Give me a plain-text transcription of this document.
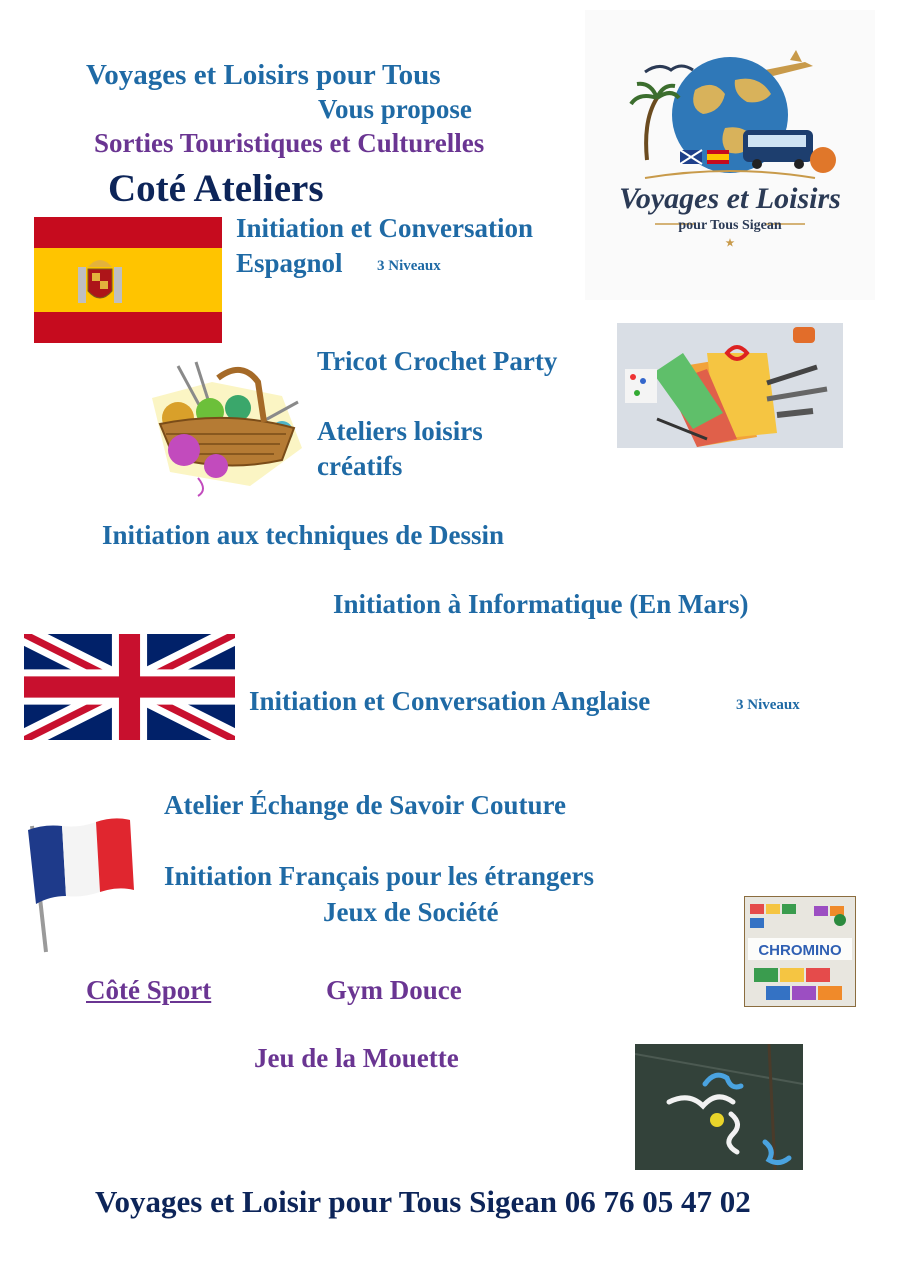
Voyages et Loisirs pour Tous
Vous propose
Sorties Touristiques et Culturelles
Coté Ateliers	Voyages et Loisirs
pour Tous Sigean
★
Initiation et Conversation
Espagnol 3 Niveaux
Tricot Crochet Party
Ateliers loisirs
créatifs
Initiation aux techniques de Dessin
Initiation à Informatique (En Mars)
Initiation et Conversation Anglaise	3 Niveaux
Atelier Échange de Savoir Couture
Initiation Français pour les étrangers
Jeux de Société
CHROMINO
Côté Sport	Gym Douce
Jeu de la Mouette
Voyages et Loisir pour Tous Sigean 06 76 05 47 02
